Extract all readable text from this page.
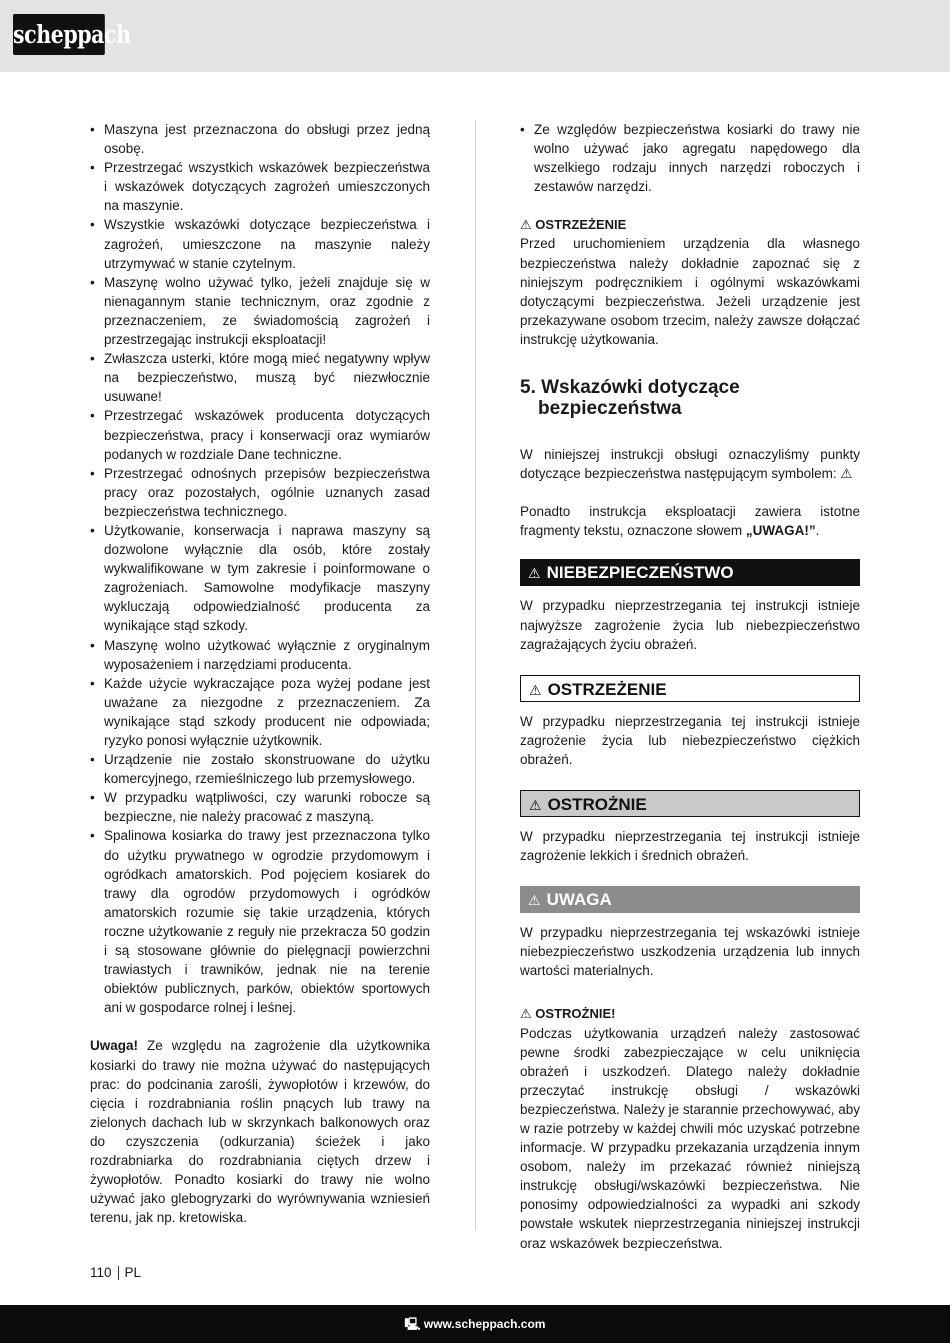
scheppach
• Maszyna jest przeznaczona do obsługi przez jedną osobę.
• Przestrzegać wszystkich wskazówek bezpieczeństwa i wskazówek dotyczących zagrożeń umieszczonych na maszynie.
• Wszystkie wskazówki dotyczące bezpieczeństwa i zagrożeń, umieszczone na maszynie należy utrzymywać w stanie czytelnym.
• Maszynę wolno używać tylko, jeżeli znajduje się w nienagannym stanie technicznym, oraz zgodnie z przeznaczeniem, ze świadomością zagrożeń i przestrzegając instrukcji eksploatacji!
• Zwłaszcza usterki, które mogą mieć negatywny wpływ na bezpieczeństwo, muszą być niezwłocznie usuwane!
• Przestrzegać wskazówek producenta dotyczących bezpieczeństwa, pracy i konserwacji oraz wymiarów podanych w rozdziale Dane techniczne.
• Przestrzegać odnośnych przepisów bezpieczeństwa pracy oraz pozostałych, ogólnie uznanych zasad bezpieczeństwa technicznego.
• Użytkowanie, konserwacja i naprawa maszyny są dozwolone wyłącznie dla osób, które zostały wykwalifikowane w tym zakresie i poinformowane o zagrożeniach. Samowolne modyfikacje maszyny wykluczają odpowiedzialność producenta za wynikające stąd szkody.
• Maszynę wolno użytkować wyłącznie z oryginalnym wyposażeniem i narzędziami producenta.
• Każde użycie wykraczające poza wyżej podane jest uważane za niezgodne z przeznaczeniem. Za wynikające stąd szkody producent nie odpowiada; ryzyko ponosi wyłącznie użytkownik.
• Urządzenie nie zostało skonstruowane do użytku komercyjnego, rzemieślniczego lub przemysłowego.
• W przypadku wątpliwości, czy warunki robocze są bezpieczne, nie należy pracować z maszyną.
• Spalinowa kosiarka do trawy jest przeznaczona tylko do użytku prywatnego w ogrodzie przydomowym i ogródkach amatorskich. Pod pojęciem kosiarek do trawy dla ogrodów przydomowych i ogródków amatorskich rozumie się takie urządzenia, których roczne użytkowanie z reguły nie przekracza 50 godzin i są stosowane głównie do pielęgnacji powierzchni trawiastych i trawników, jednak nie na terenie obiektów publicznych, parków, obiektów sportowych ani w gospodarce rolnej i leśnej.

Uwaga! Ze względu na zagrożenie dla użytkownika kosiarki do trawy nie można używać do następujących prac: do podcinania zarośli, żywopłotów i krzewów, do cięcia i rozdrabniania roślin pnących lub trawy na zielonych dachach lub w skrzynkach balkonowych oraz do czyszczenia (odkurzania) ścieżek i jako rozdrabniarka do rozdrabniania ciętych drzew i żywopłotów. Ponadto kosiarki do trawy nie wolno używać jako glebogryzarki do wyrównywania wzniesień terenu, jak np. kretowiska.

• Ze względów bezpieczeństwa kosiarki do trawy nie wolno używać jako agregatu napędowego dla wszelkiego rodzaju innych narzędzi roboczych i zestawów narzędzi.
⚠ OSTRZEŻENIE

Przed uruchomieniem urządzenia dla własnego bezpieczeństwa należy dokładnie zapoznać się z niniejszym podręcznikiem i ogólnymi wskazówkami dotyczącymi bezpieczeństwa. Jeżeli urządzenie jest przekazywane osobom trzecim, należy zawsze dołączać instrukcję użytkowania.

5. Wskazówki dotyczące bezpieczeństwa

W niniejszej instrukcji obsługi oznaczyliśmy punkty dotyczące bezpieczeństwa następującym symbolem: ⚠

Ponadto instrukcja eksploatacji zawiera istotne fragmenty tekstu, oznaczone słowem „UWAGA!”.

⚠ NIEBEZPIECZEŃSTWO

W przypadku nieprzestrzegania tej instrukcji istnieje najwyższe zagrożenie życia lub niebezpieczeństwo zagrażających życiu obrażeń.

⚠ OSTRZEŻENIE

W przypadku nieprzestrzegania tej instrukcji istnieje zagrożenie życia lub niebezpieczeństwo ciężkich obrażeń.

⚠ OSTROŻNIE

W przypadku nieprzestrzegania tej instrukcji istnieje zagrożenie lekkich i średnich obrażeń.

⚠ UWAGA

W przypadku nieprzestrzegania tej wskazówki istnieje niebezpieczeństwo uszkodzenia urządzenia lub innych wartości materialnych.

⚠ OSTROŻNIE!

Podczas użytkowania urządzeń należy zastosować pewne środki zabezpieczające w celu uniknięcia obrażeń i uszkodzeń. Dlatego należy dokładnie przeczytać instrukcję obsługi / wskazówki bezpieczeństwa. Należy je starannie przechowywać, aby w razie potrzeby w każdej chwili móc uzyskać potrzebne informacje. W przypadku przekazania urządzenia innym osobom, należy im przekazać również niniejszą instrukcję obsługi/wskazówki bezpieczeństwa. Nie ponosimy odpowiedzialności za wypadki ani szkody powstałe wskutek nieprzestrzegania niniejszej instrukcji oraz wskazówek bezpieczeństwa.

110 PL
🖳 www.scheppach.com
